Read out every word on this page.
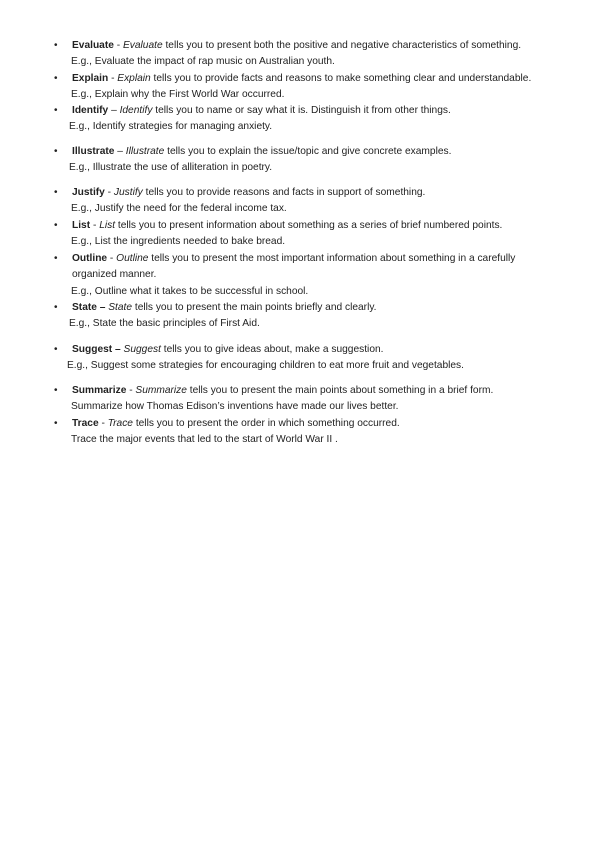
• Evaluate - Evaluate tells you to present both the positive and negative characteristics of something.
E.g., Evaluate the impact of rap music on Australian youth.
• Explain - Explain tells you to provide facts and reasons to make something clear and understandable.
E.g., Explain why the First World War occurred.
• Identify – Identify tells you to name or say what it is. Distinguish it from other things.
E.g., Identify strategies for managing anxiety.
• Illustrate – Illustrate tells you to explain the issue/topic and give concrete examples.
E.g., Illustrate the use of alliteration in poetry.
• Justify - Justify tells you to provide reasons and facts in support of something.
E.g., Justify the need for the federal income tax.
• List - List tells you to present information about something as a series of brief numbered points.
E.g., List the ingredients needed to bake bread.
• Outline - Outline tells you to present the most important information about something in a carefully
organized manner.
E.g., Outline what it takes to be successful in school.
• State – State tells you to present the main points briefly and clearly.
E.g., State the basic principles of First Aid.
• Suggest – Suggest tells you to give ideas about, make a suggestion.
E.g., Suggest some strategies for encouraging children to eat more fruit and vegetables.
• Summarize - Summarize tells you to present the main points about something in a brief form.
Summarize how Thomas Edison’s inventions have made our lives better.
• Trace - Trace tells you to present the order in which something occurred.
Trace the major events that led to the start of World War II .
